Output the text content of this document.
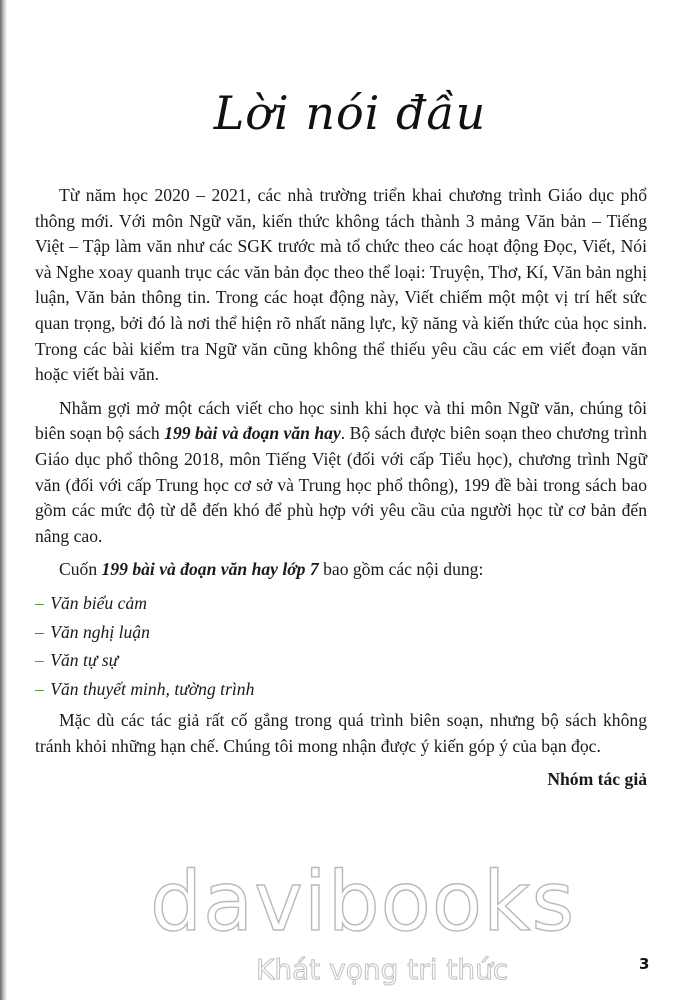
Lời nói đầu

Từ năm học 2020 – 2021, các nhà trường triển khai chương trình Giáo dục phổ thông mới. Với môn Ngữ văn, kiến thức không tách thành 3 mảng Văn bản – Tiếng Việt – Tập làm văn như các SGK trước mà tổ chức theo các hoạt động Đọc, Viết, Nói và Nghe xoay quanh trục các văn bản đọc theo thể loại: Truyện, Thơ, Kí, Văn bản nghị luận, Văn bản thông tin. Trong các hoạt động này, Viết chiếm một một vị trí hết sức quan trọng, bởi đó là nơi thể hiện rõ nhất năng lực, kỹ năng và kiến thức của học sinh. Trong các bài kiểm tra Ngữ văn cũng không thể thiếu yêu cầu các em viết đoạn văn hoặc viết bài văn.

Nhằm gợi mở một cách viết cho học sinh khi học và thi môn Ngữ văn, chúng tôi biên soạn bộ sách 199 bài và đoạn văn hay. Bộ sách được biên soạn theo chương trình Giáo dục phổ thông 2018, môn Tiếng Việt (đối với cấp Tiểu học), chương trình Ngữ văn (đối với cấp Trung học cơ sở và Trung học phổ thông), 199 đề bài trong sách bao gồm các mức độ từ dễ đến khó để phù hợp với yêu cầu của người học từ cơ bản đến nâng cao.

Cuốn 199 bài và đoạn văn hay lớp 7 bao gồm các nội dung:

– Văn biểu cảm
– Văn nghị luận
– Văn tự sự
– Văn thuyết minh, tường trình

Mặc dù các tác giả rất cố gắng trong quá trình biên soạn, nhưng bộ sách không tránh khỏi những hạn chế. Chúng tôi mong nhận được ý kiến góp ý của bạn đọc.

Nhóm tác giả
davibooks
Khát vọng tri thức	3
